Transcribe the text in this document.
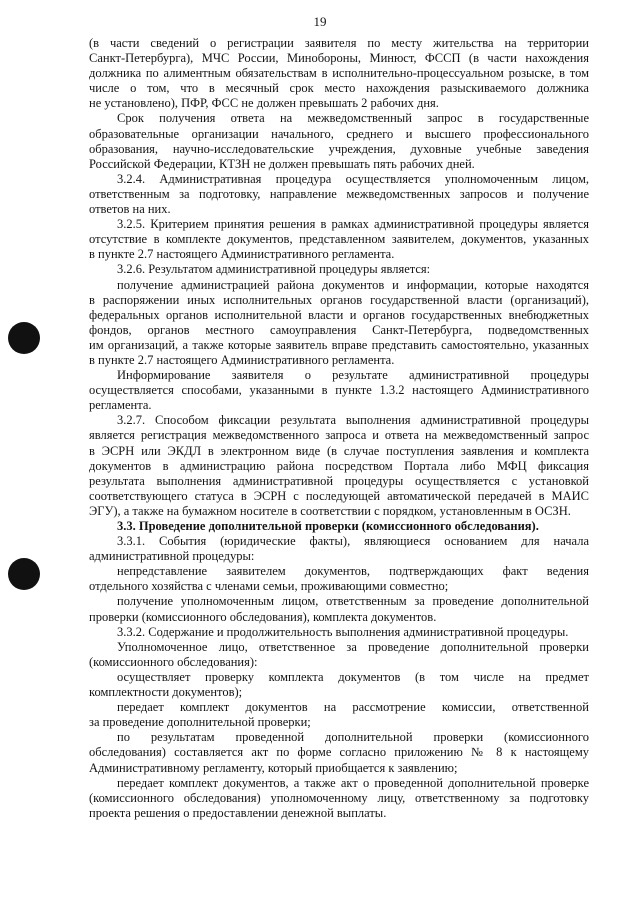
19
(в части сведений о регистрации заявителя по месту жительства на территории
Санкт-Петербурга), МЧС России, Минобороны, Минюст, ФССП (в части нахождения
должника по алиментным обязательствам в исполнительно-процессуальном розыске, в том
числе о том, что в месячный срок место нахождения разыскиваемого должника
не установлено), ПФР, ФСС не должен превышать 2 рабочих дня.
Срок получения ответа на межведомственный запрос в государственные
образовательные организации начального, среднего и высшего профессионального
образования, научно-исследовательские учреждения, духовные учебные заведения
Российской Федерации, КТЗН не должен превышать пять рабочих дней.
3.2.4. Административная процедура осуществляется уполномоченным лицом,
ответственным за подготовку, направление межведомственных запросов и получение
ответов на них.
3.2.5. Критерием принятия решения в рамках административной процедуры является
отсутствие в комплекте документов, представленном заявителем, документов, указанных
в пункте 2.7 настоящего Административного регламента.
3.2.6. Результатом административной процедуры является:
получение администрацией района документов и информации, которые находятся
в распоряжении иных исполнительных органов государственной власти (организаций),
федеральных органов исполнительной власти и органов государственных внебюджетных
фондов, органов местного самоуправления Санкт-Петербурга, подведомственных
им организаций, а также которые заявитель вправе представить самостоятельно, указанных
в пункте 2.7 настоящего Административного регламента.
Информирование заявителя о результате административной процедуры
осуществляется способами, указанными в пункте 1.3.2 настоящего Административного
регламента.
3.2.7. Способом фиксации результата выполнения административной процедуры
является регистрация межведомственного запроса и ответа на межведомственный запрос
в ЭСРН или ЭКДЛ в электронном виде (в случае поступления заявления и комплекта
документов в администрацию района посредством Портала либо МФЦ фиксация
результата выполнения административной процедуры осуществляется с установкой
соответствующего статуса в ЭСРН с последующей автоматической передачей в МАИС
ЭГУ), а также на бумажном носителе в соответствии с порядком, установленным в ОСЗН.
3.3. Проведение дополнительной проверки (комиссионного обследования).
3.3.1. События (юридические факты), являющиеся основанием для начала
административной процедуры:
непредставление заявителем документов, подтверждающих факт ведения
отдельного хозяйства с членами семьи, проживающими совместно;
получение уполномоченным лицом, ответственным за проведение дополнительной
проверки (комиссионного обследования), комплекта документов.
3.3.2. Содержание и продолжительность выполнения административной процедуры.
Уполномоченное лицо, ответственное за проведение дополнительной проверки
(комиссионного обследования):
осуществляет проверку комплекта документов (в том числе на предмет
комплектности документов);
передает комплект документов на рассмотрение комиссии, ответственной
за проведение дополнительной проверки;
по результатам проведенной дополнительной проверки (комиссионного
обследования) составляется акт по форме согласно приложению № 8 к настоящему
Административному регламенту, который приобщается к заявлению;
передает комплект документов, а также акт о проведенной дополнительной проверке
(комиссионного обследования) уполномоченному лицу, ответственному за подготовку
проекта решения о предоставлении денежной выплаты.
